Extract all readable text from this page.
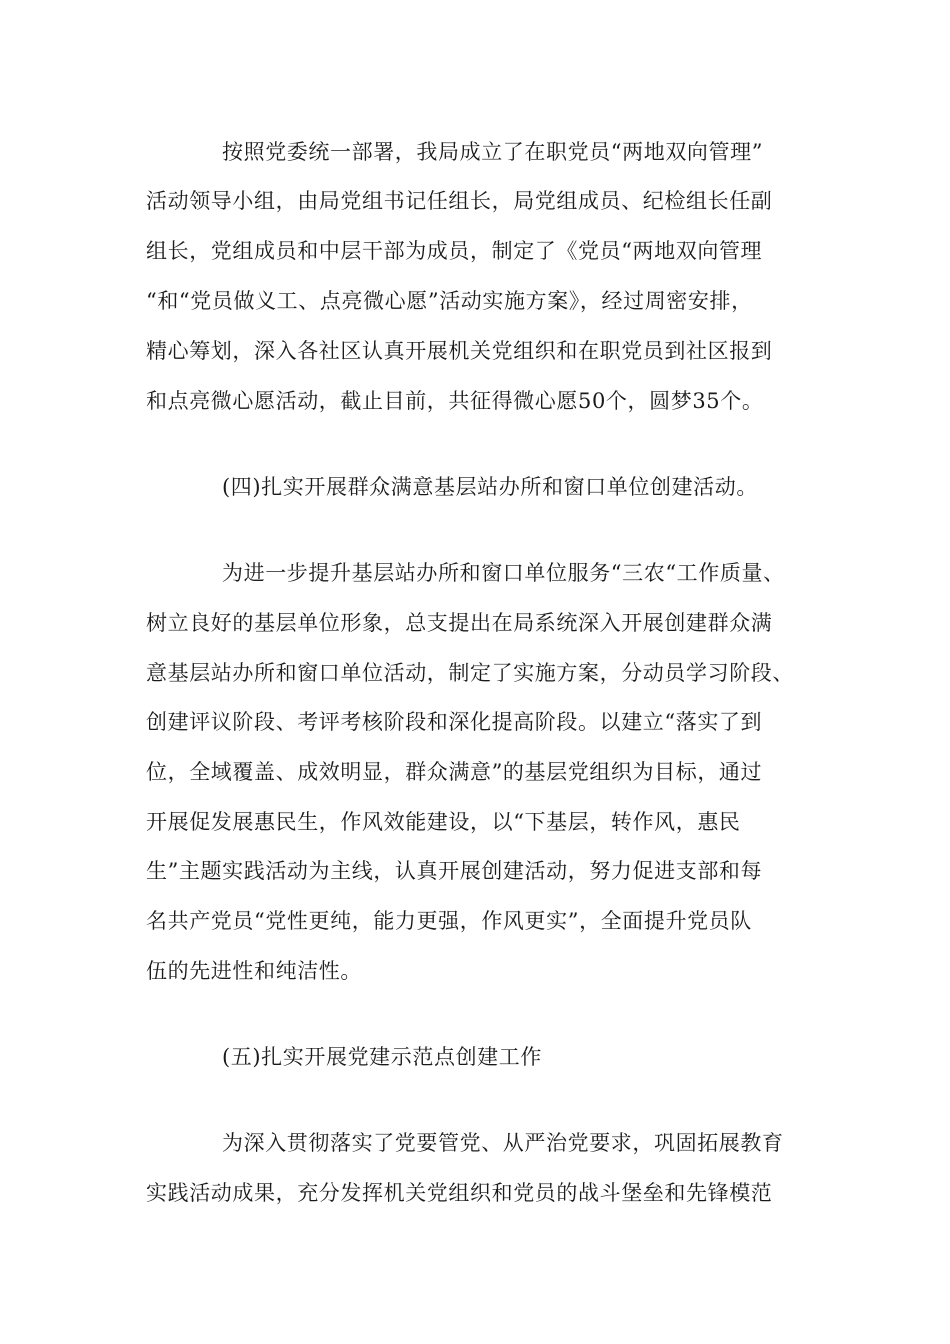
按照党委统一部署，我局成立了在职党员“两地双向管理”
活动领导小组，由局党组书记任组长，局党组成员、纪检组长任副
组长，党组成员和中层干部为成员，制定了《党员“两地双向管理
“和“党员做义工、点亮微心愿”活动实施方案》，经过周密安排，
精心筹划，深入各社区认真开展机关党组织和在职党员到社区报到
和点亮微心愿活动，截止目前，共征得微心愿50个，圆梦35个。
(四)扎实开展群众满意基层站办所和窗口单位创建活动。
为进一步提升基层站办所和窗口单位服务“三农“工作质量、
树立良好的基层单位形象，总支提出在局系统深入开展创建群众满
意基层站办所和窗口单位活动，制定了实施方案，分动员学习阶段、
创建评议阶段、考评考核阶段和深化提高阶段。以建立“落实了到
位，全域覆盖、成效明显，群众满意”的基层党组织为目标，通过
开展促发展惠民生，作风效能建设，以“下基层，转作风，惠民
生”主题实践活动为主线，认真开展创建活动，努力促进支部和每
名共产党员“党性更纯，能力更强，作风更实”，全面提升党员队
伍的先进性和纯洁性。
(五)扎实开展党建示范点创建工作
为深入贯彻落实了党要管党、从严治党要求，巩固拓展教育
实践活动成果，充分发挥机关党组织和党员的战斗堡垒和先锋模范
